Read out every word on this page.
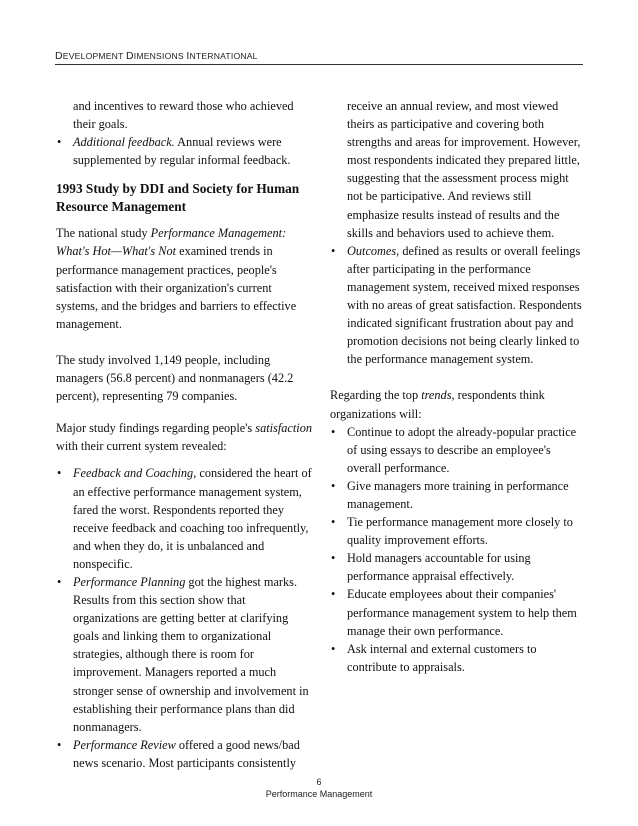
DEVELOPMENT DIMENSIONS INTERNATIONAL

and incentives to reward those who achieved their goals.

• Additional feedback. Annual reviews were supplemented by regular informal feedback.

1993 Study by DDI and Society for Human Resource Management

The national study Performance Management: What's Hot—What's Not examined trends in performance management practices, people's satisfaction with their organization's current systems, and the bridges and barriers to effective management.

The study involved 1,149 people, including managers (56.8 percent) and nonmanagers (42.2 percent), representing 79 companies.

Major study findings regarding people's satisfaction with their current system revealed:

• Feedback and Coaching, considered the heart of an effective performance management system, fared the worst. Respondents reported they receive feedback and coaching too infrequently, and when they do, it is unbalanced and nonspecific.
• Performance Planning got the highest marks. Results from this section show that organizations are getting better at clarifying goals and linking them to organizational strategies, although there is room for improvement. Managers reported a much stronger sense of ownership and involvement in establishing their performance plans than did nonmanagers.
• Performance Review offered a good news/bad news scenario. Most participants consistently

receive an annual review, and most viewed theirs as participative and covering both strengths and areas for improvement. However, most respondents indicated they prepared little, suggesting that the assessment process might not be participative. And reviews still emphasize results instead of results and the skills and behaviors used to achieve them.

• Outcomes, defined as results or overall feelings after participating in the performance management system, received mixed responses with no areas of great satisfaction. Respondents indicated significant frustration about pay and promotion decisions not being clearly linked to the performance management system.

Regarding the top trends, respondents think organizations will:

• Continue to adopt the already-popular practice of using essays to describe an employee's overall performance.
• Give managers more training in performance management.
• Tie performance management more closely to quality improvement efforts.
• Hold managers accountable for using performance appraisal effectively.
• Educate employees about their companies' performance management system to help them manage their own performance.
• Ask internal and external customers to contribute to appraisals.
6
Performance Management
